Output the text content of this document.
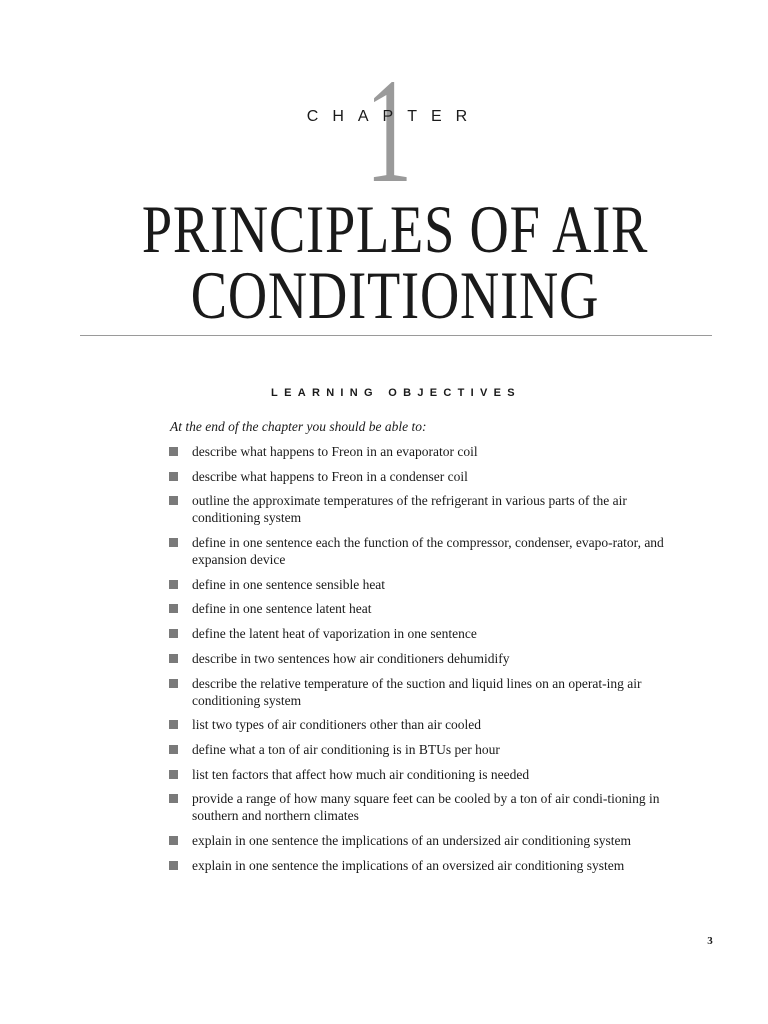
1
CHAPTER
PRINCIPLES OF AIR
CONDITIONING
LEARNING OBJECTIVES
At the end of the chapter you should be able to:
describe what happens to Freon in an evaporator coil
describe what happens to Freon in a condenser coil
outline the approximate temperatures of the refrigerant in various parts of the air conditioning system
define in one sentence each the function of the compressor, condenser, evapo-rator, and expansion device
define in one sentence sensible heat
define in one sentence latent heat
define the latent heat of vaporization in one sentence
describe in two sentences how air conditioners dehumidify
describe the relative temperature of the suction and liquid lines on an operat-ing air conditioning system
list two types of air conditioners other than air cooled
define what a ton of air conditioning is in BTUs per hour
list ten factors that affect how much air conditioning is needed
provide a range of how many square feet can be cooled by a ton of air condi-tioning in southern and northern climates
explain in one sentence the implications of an undersized air conditioning system
explain in one sentence the implications of an oversized air conditioning system
3
